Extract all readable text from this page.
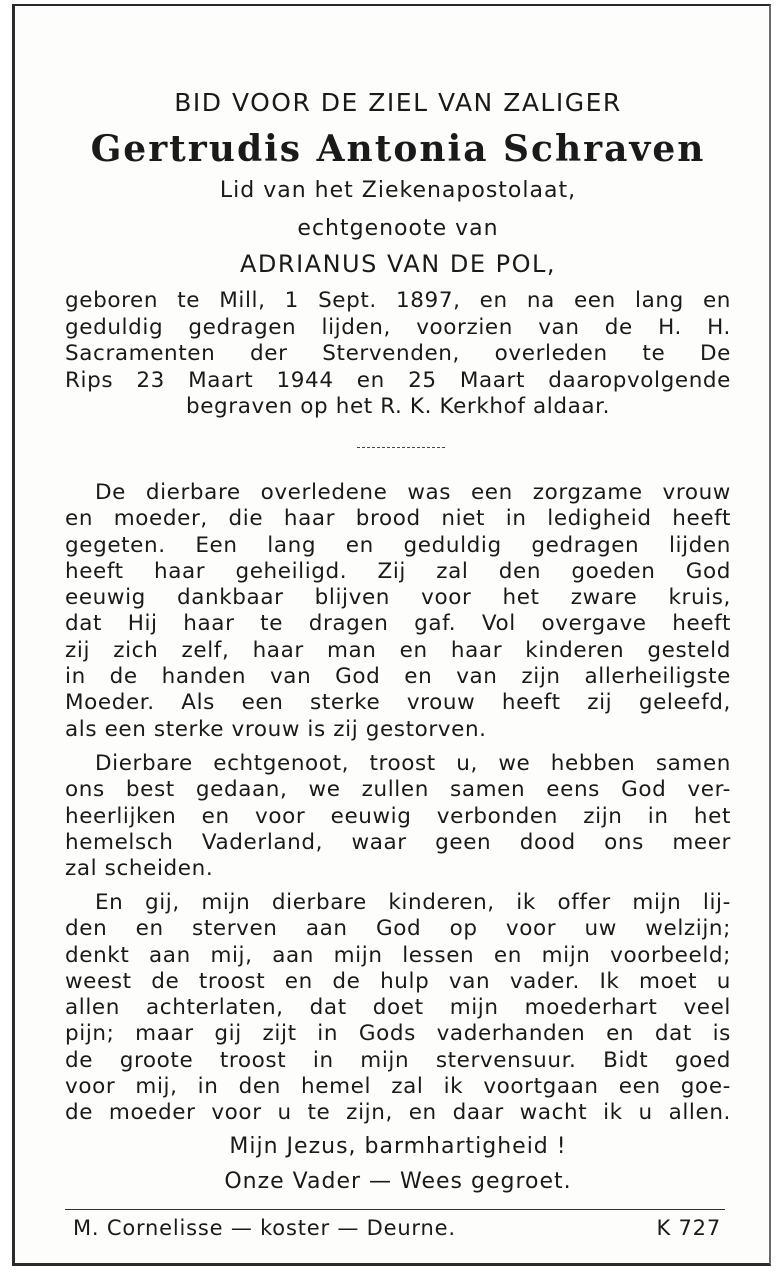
BID VOOR DE ZIEL VAN ZALIGER
Gertrudis Antonia Schraven
Lid van het Ziekenapostolaat,
echtgenoote van
ADRIANUS VAN DE POL,
geboren te Mill, 1 Sept. 1897, en na een lang en
geduldig gedragen lijden, voorzien van de H. H.
Sacramenten der Stervenden, overleden te De
Rips 23 Maart 1944 en 25 Maart daaropvolgende
begraven op het R. K. Kerkhof aldaar.
De dierbare overledene was een zorgzame vrouw
en moeder, die haar brood niet in ledigheid heeft
gegeten. Een lang en geduldig gedragen lijden
heeft haar geheiligd. Zij zal den goeden God
eeuwig dankbaar blijven voor het zware kruis,
dat Hij haar te dragen gaf. Vol overgave heeft
zij zich zelf, haar man en haar kinderen gesteld
in de handen van God en van zijn allerheiligste
Moeder. Als een sterke vrouw heeft zij geleefd,
als een sterke vrouw is zij gestorven.
Dierbare echtgenoot, troost u, we hebben samen
ons best gedaan, we zullen samen eens God ver-
heerlijken en voor eeuwig verbonden zijn in het
hemelsch Vaderland, waar geen dood ons meer
zal scheiden.
En gij, mijn dierbare kinderen, ik offer mijn lij-
den en sterven aan God op voor uw welzijn;
denkt aan mij, aan mijn lessen en mijn voorbeeld;
weest de troost en de hulp van vader. Ik moet u
allen achterlaten, dat doet mijn moederhart veel
pijn; maar gij zijt in Gods vaderhanden en dat is
de groote troost in mijn stervensuur. Bidt goed
voor mij, in den hemel zal ik voortgaan een goe-
de moeder voor u te zijn, en daar wacht ik u allen.
Mijn Jezus, barmhartigheid !
Onze Vader — Wees gegroet.
M. Cornelisse — koster — Deurne.	K 727
